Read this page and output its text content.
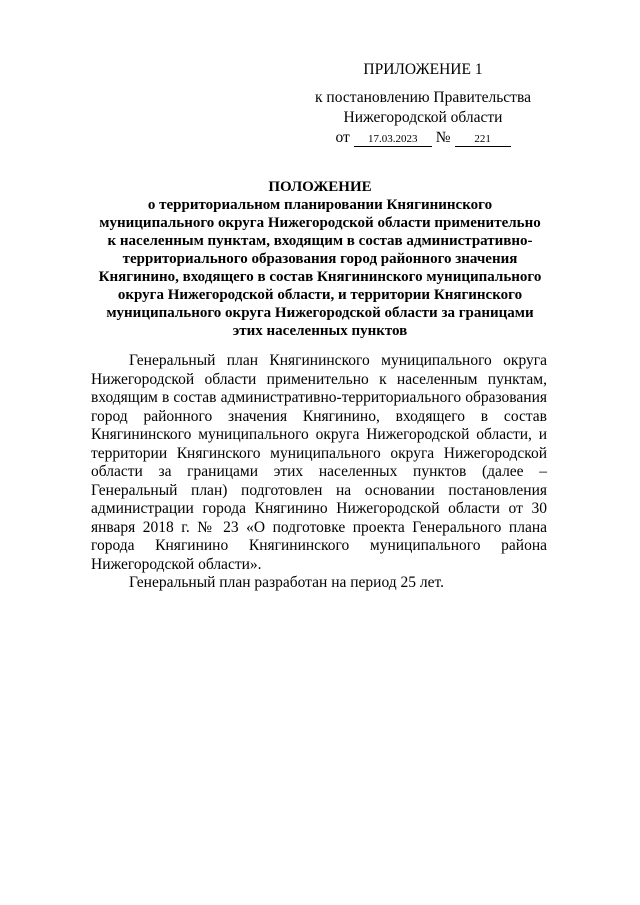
ПРИЛОЖЕНИЕ 1
к постановлению Правительства
Нижегородской области
от	17.03.2023	№	221
ПОЛОЖЕНИЕ
о территориальном планировании Княгининского муниципального округа Нижегородской области применительно к населенным пунктам, входящим в состав административно-территориального образования город районного значения Княгинино, входящего в состав Княгининского муниципального округа Нижегородской области, и территории Княгинского муниципального округа Нижегородской области за границами этих населенных пунктов

Генеральный план Княгининского муниципального округа Нижегородской области применительно к населенным пунктам, входящим в состав административно-территориального образования город районного значения Княгинино, входящего в состав Княгининского муниципального округа Нижегородской области, и территории Княгинского муниципального округа Нижегородской области за границами этих населенных пунктов (далее – Генеральный план) подготовлен на основании постановления администрации города Княгинино Нижегородской области от 30 января 2018 г. № 23 «О подготовке проекта Генерального плана города Княгинино Княгининского муниципального района Нижегородской области».

Генеральный план разработан на период 25 лет.
